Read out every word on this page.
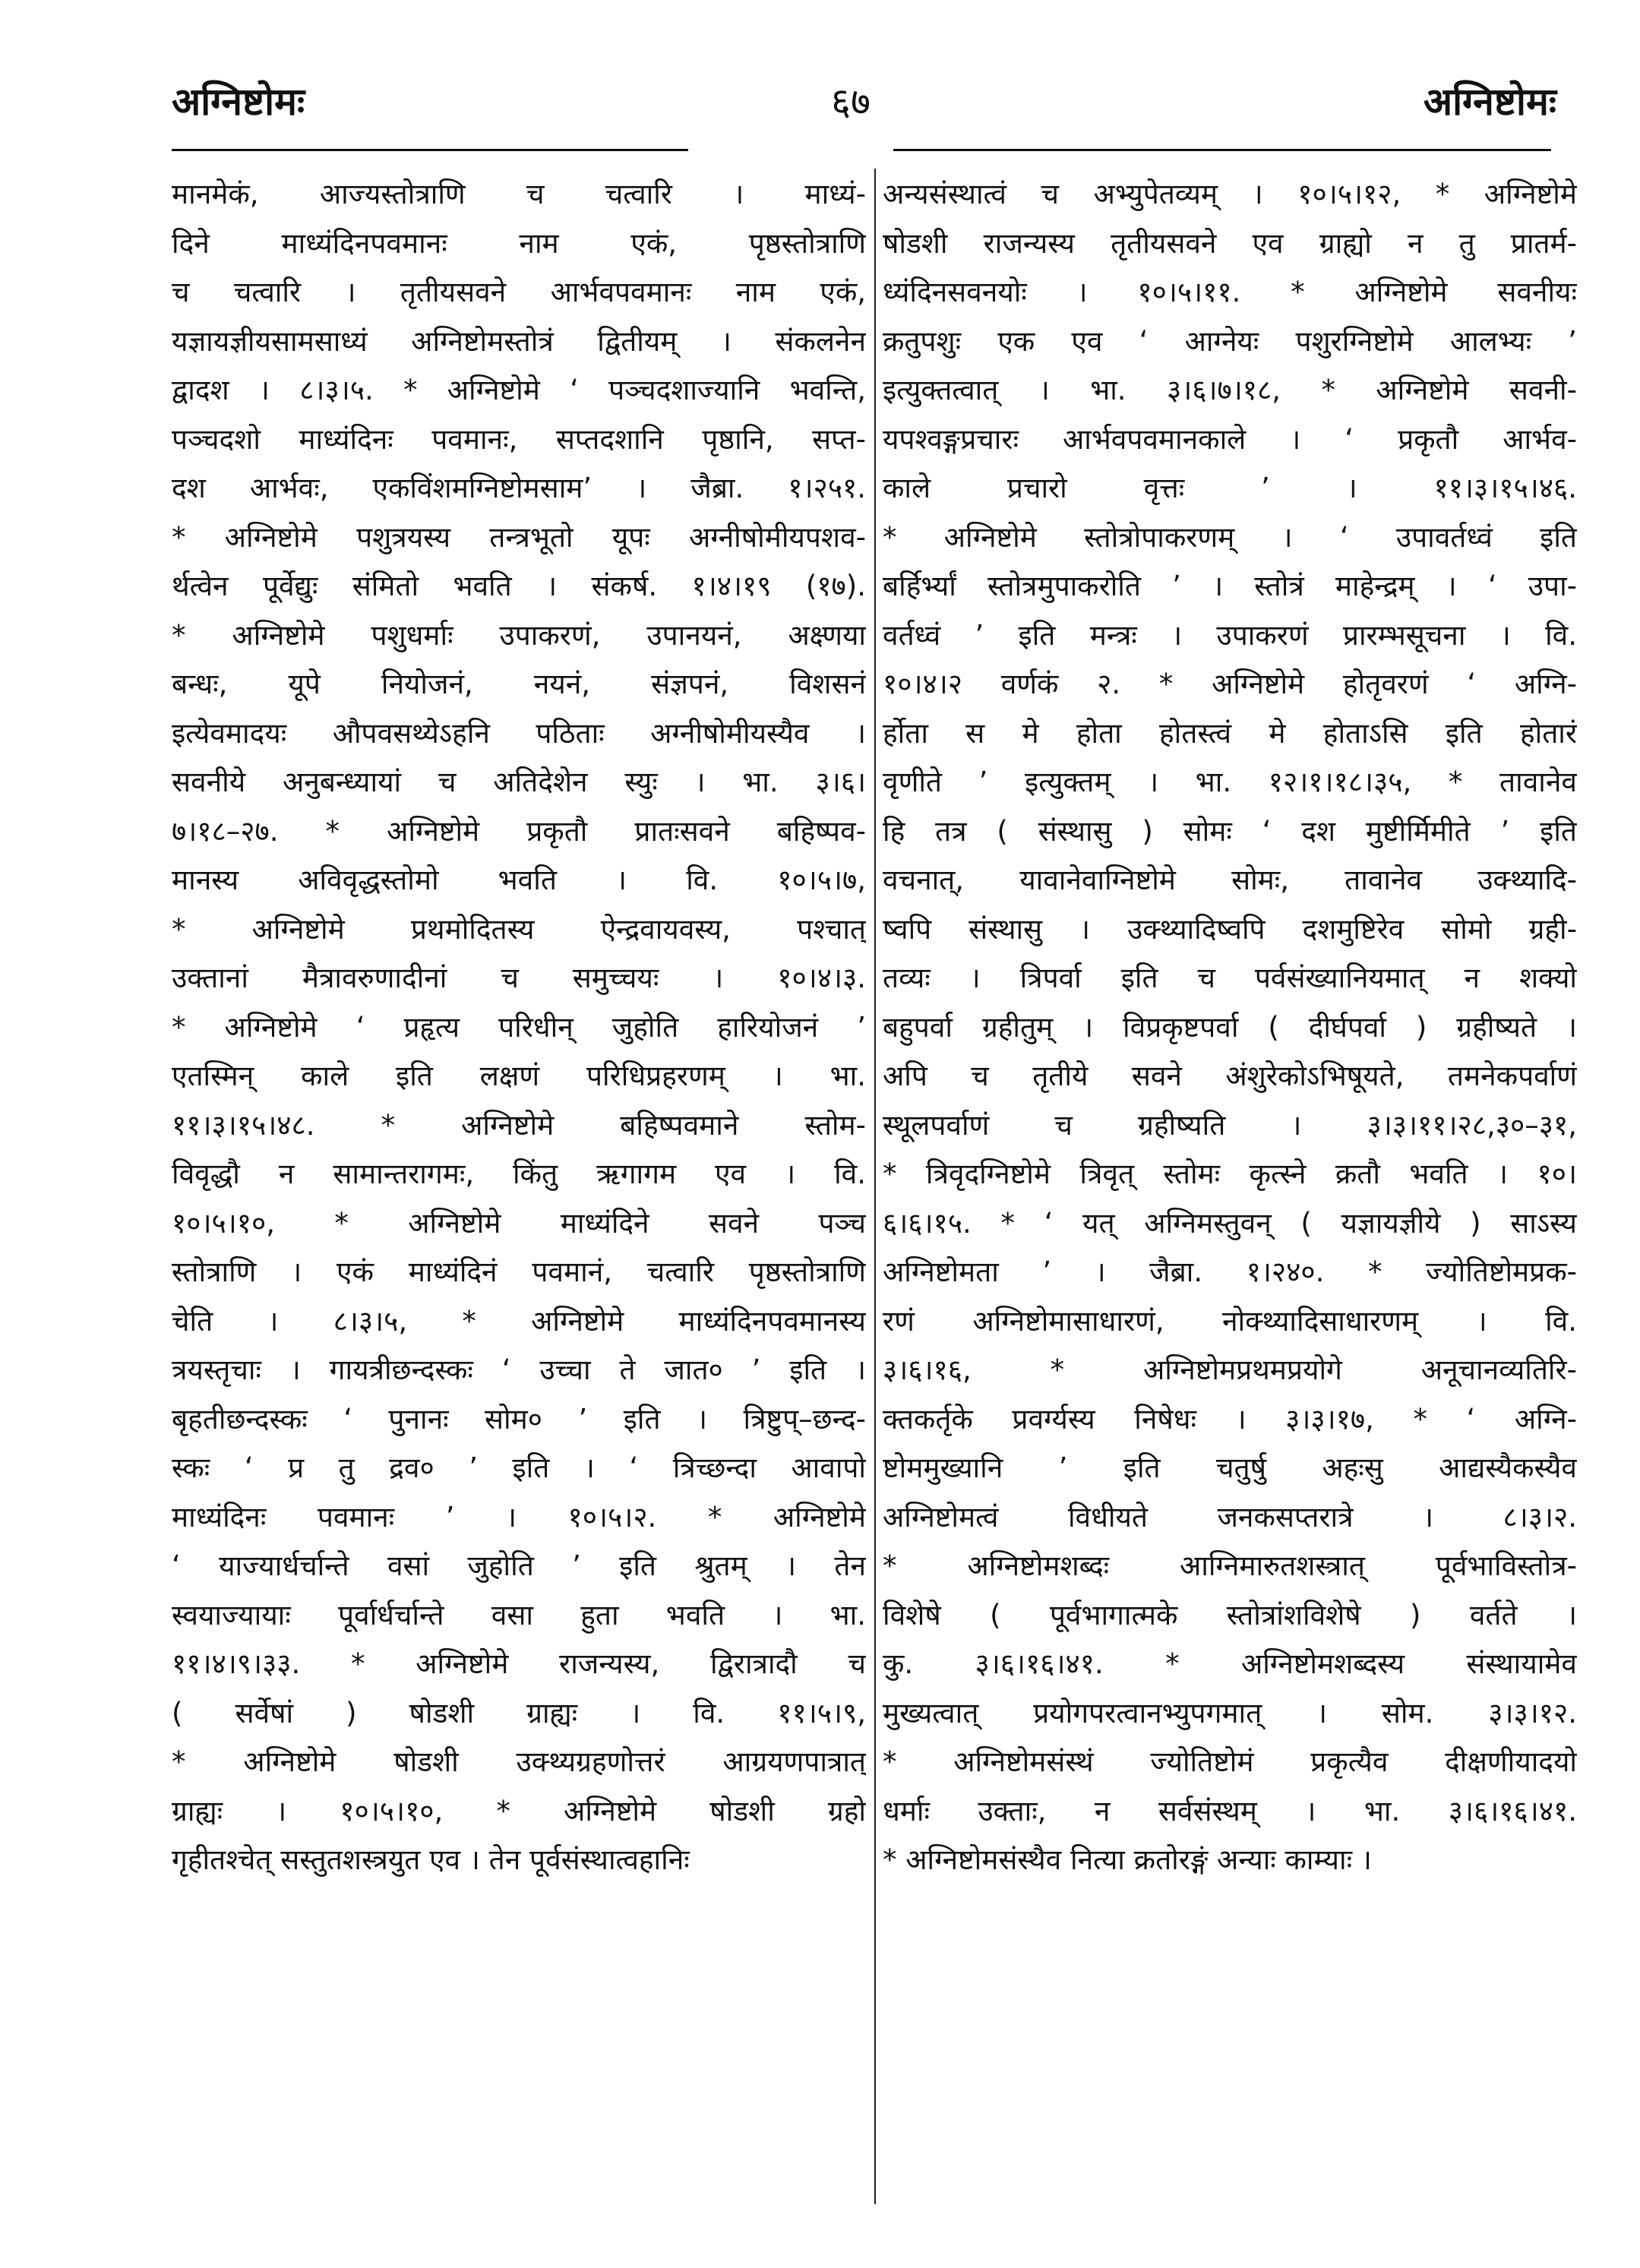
अग्निष्टोमः	६७	अग्निष्टोमः
मानमेकं, आज्यस्तोत्राणि च चत्वारि । माध्यं-
दिने माध्यंदिनपवमानः नाम एकं, पृष्ठस्तोत्राणि
च चत्वारि । तृतीयसवने आर्भवपवमानः नाम एकं,
यज्ञायज्ञीयसामसाध्यं अग्निष्टोमस्तोत्रं द्वितीयम् । संकलनेन
द्वादश । ८।३।५. * अग्निष्टोमे ‘ पञ्चदशाज्यानि भवन्ति,
पञ्चदशो माध्यंदिनः पवमानः, सप्तदशानि पृष्ठानि, सप्त-
दश आर्भवः, एकविंशमग्निष्टोमसाम’ । जैब्रा. १।२५१.
* अग्निष्टोमे पशुत्रयस्य तन्त्रभूतो यूपः अग्नीषोमीयपशव-
र्थत्वेन पूर्वेद्युः संमितो भवति । संकर्ष. १।४।१९ (१७).
* अग्निष्टोमे पशुधर्माः उपाकरणं, उपानयनं, अक्ष्णया
बन्धः, यूपे नियोजनं, नयनं, संज्ञपनं, विशसनं
इत्येवमादयः औपवसथ्येऽहनि पठिताः अग्नीषोमीयस्यैव ।
सवनीये अनुबन्ध्यायां च अतिदेशेन स्युः । भा. ३।६।
७।१८–२७. * अग्निष्टोमे प्रकृतौ प्रातःसवने बहिष्पव-
मानस्य अविवृद्धस्तोमो भवति । वि. १०।५।७,
* अग्निष्टोमे प्रथमोदितस्य ऐन्द्रवायवस्य, पश्चात्
उक्तानां मैत्रावरुणादीनां च समुच्चयः । १०।४।३.
* अग्निष्टोमे ‘ प्रहृत्य परिधीन् जुहोति हारियोजनं ’
एतस्मिन् काले इति लक्षणं परिधिप्रहरणम् । भा.
११।३।१५।४८. * अग्निष्टोमे बहिष्पवमाने स्तोम-
विवृद्धौ न सामान्तरागमः, किंतु ऋगागम एव । वि.
१०।५।१०, * अग्निष्टोमे माध्यंदिने सवने पञ्च
स्तोत्राणि । एकं माध्यंदिनं पवमानं, चत्वारि पृष्ठस्तोत्राणि
चेति । ८।३।५, * अग्निष्टोमे माध्यंदिनपवमानस्य
त्रयस्तृचाः । गायत्रीछन्दस्कः ‘ उच्चा ते जात० ’ इति ।
बृहतीछन्दस्कः ‘ पुनानः सोम० ’ इति । त्रिष्टुप्–छन्द-
स्कः ‘ प्र तु द्रव० ’ इति । ‘ त्रिच्छन्दा आवापो
माध्यंदिनः पवमानः ’ । १०।५।२. * अग्निष्टोमे
‘ याज्यार्धर्चान्ते वसां जुहोति ’ इति श्रुतम् । तेन
स्वयाज्यायाः पूर्वार्धर्चान्ते वसा हुता भवति । भा.
११।४।९।३३. * अग्निष्टोमे राजन्यस्य, द्विरात्रादौ च
( सर्वेषां ) षोडशी ग्राह्यः । वि. ११।५।९,
* अग्निष्टोमे षोडशी उक्थ्यग्रहणोत्तरं आग्रयणपात्रात्
ग्राह्यः । १०।५।१०, * अग्निष्टोमे षोडशी ग्रहो
गृहीतश्चेत् सस्तुतशस्त्रयुत एव । तेन पूर्वसंस्थात्वहानिः
अन्यसंस्थात्वं च अभ्युपेतव्यम् । १०।५।१२, * अग्निष्टोमे
षोडशी राजन्यस्य तृतीयसवने एव ग्राह्यो न तु प्रातर्म-
ध्यंदिनसवनयोः । १०।५।११. * अग्निष्टोमे सवनीयः
क्रतुपशुः एक एव ‘ आग्नेयः पशुरग्निष्टोमे आलभ्यः ’
इत्युक्तत्वात् । भा. ३।६।७।१८, * अग्निष्टोमे सवनी-
यपश्वङ्गप्रचारः आर्भवपवमानकाले । ‘ प्रकृतौ आर्भव-
काले प्रचारो वृत्तः ’ । ११।३।१५।४६.
* अग्निष्टोमे स्तोत्रोपाकरणम् । ‘ उपावर्तध्वं इति
बर्हिर्भ्यां स्तोत्रमुपाकरोति ’ । स्तोत्रं माहेन्द्रम् । ‘ उपा-
वर्तध्वं ’ इति मन्त्रः । उपाकरणं प्रारम्भसूचना । वि.
१०।४।२ वर्णकं २. * अग्निष्टोमे होतृवरणं ‘ अग्नि-
र्होता स मे होता होतस्त्वं मे होताऽसि इति होतारं
वृणीते ’ इत्युक्तम् । भा. १२।१।१८।३५, * तावानेव
हि तत्र ( संस्थासु ) सोमः ‘ दश मुष्टीर्मिमीते ’ इति
वचनात्, यावानेवाग्निष्टोमे सोमः, तावानेव उक्थ्यादि-
ष्वपि संस्थासु । उक्थ्यादिष्वपि दशमुष्टिरेव सोमो ग्रही-
तव्यः । त्रिपर्वा इति च पर्वसंख्यानियमात् न शक्यो
बहुपर्वा ग्रहीतुम् । विप्रकृष्टपर्वा ( दीर्घपर्वा ) ग्रहीष्यते ।
अपि च तृतीये सवने अंशुरेकोऽभिषूयते, तमनेकपर्वाणं
स्थूलपर्वाणं च ग्रहीष्यति । ३।३।११।२८,३०–३१,
* त्रिवृदग्निष्टोमे त्रिवृत् स्तोमः कृत्स्ने क्रतौ भवति । १०।
६।६।१५. * ‘ यत् अग्निमस्तुवन् ( यज्ञायज्ञीये ) साऽस्य
अग्निष्टोमता ’ । जैब्रा. १।२४०. * ज्योतिष्टोमप्रक-
रणं अग्निष्टोमासाधारणं, नोक्थ्यादिसाधारणम् । वि.
३।६।१६, * अग्निष्टोमप्रथमप्रयोगे अनूचानव्यतिरि-
क्तकर्तृके प्रवर्ग्यस्य निषेधः । ३।३।१७, * ‘ अग्नि-
ष्टोममुख्यानि ’ इति चतुर्षु अहःसु आद्यस्यैकस्यैव
अग्निष्टोमत्वं विधीयते जनकसप्तरात्रे । ८।३।२.
* अग्निष्टोमशब्दः आग्निमारुतशस्त्रात् पूर्वभाविस्तोत्र-
विशेषे ( पूर्वभागात्मके स्तोत्रांशविशेषे ) वर्तते ।
कु. ३।६।१६।४१. * अग्निष्टोमशब्दस्य संस्थायामेव
मुख्यत्वात् प्रयोगपरत्वानभ्युपगमात् । सोम. ३।३।१२.
* अग्निष्टोमसंस्थं ज्योतिष्टोमं प्रकृत्यैव दीक्षणीयादयो
धर्माः उक्ताः, न सर्वसंस्थम् । भा. ३।६।१६।४१.
* अग्निष्टोमसंस्थैव नित्या क्रतोरङ्गं अन्याः काम्याः ।
